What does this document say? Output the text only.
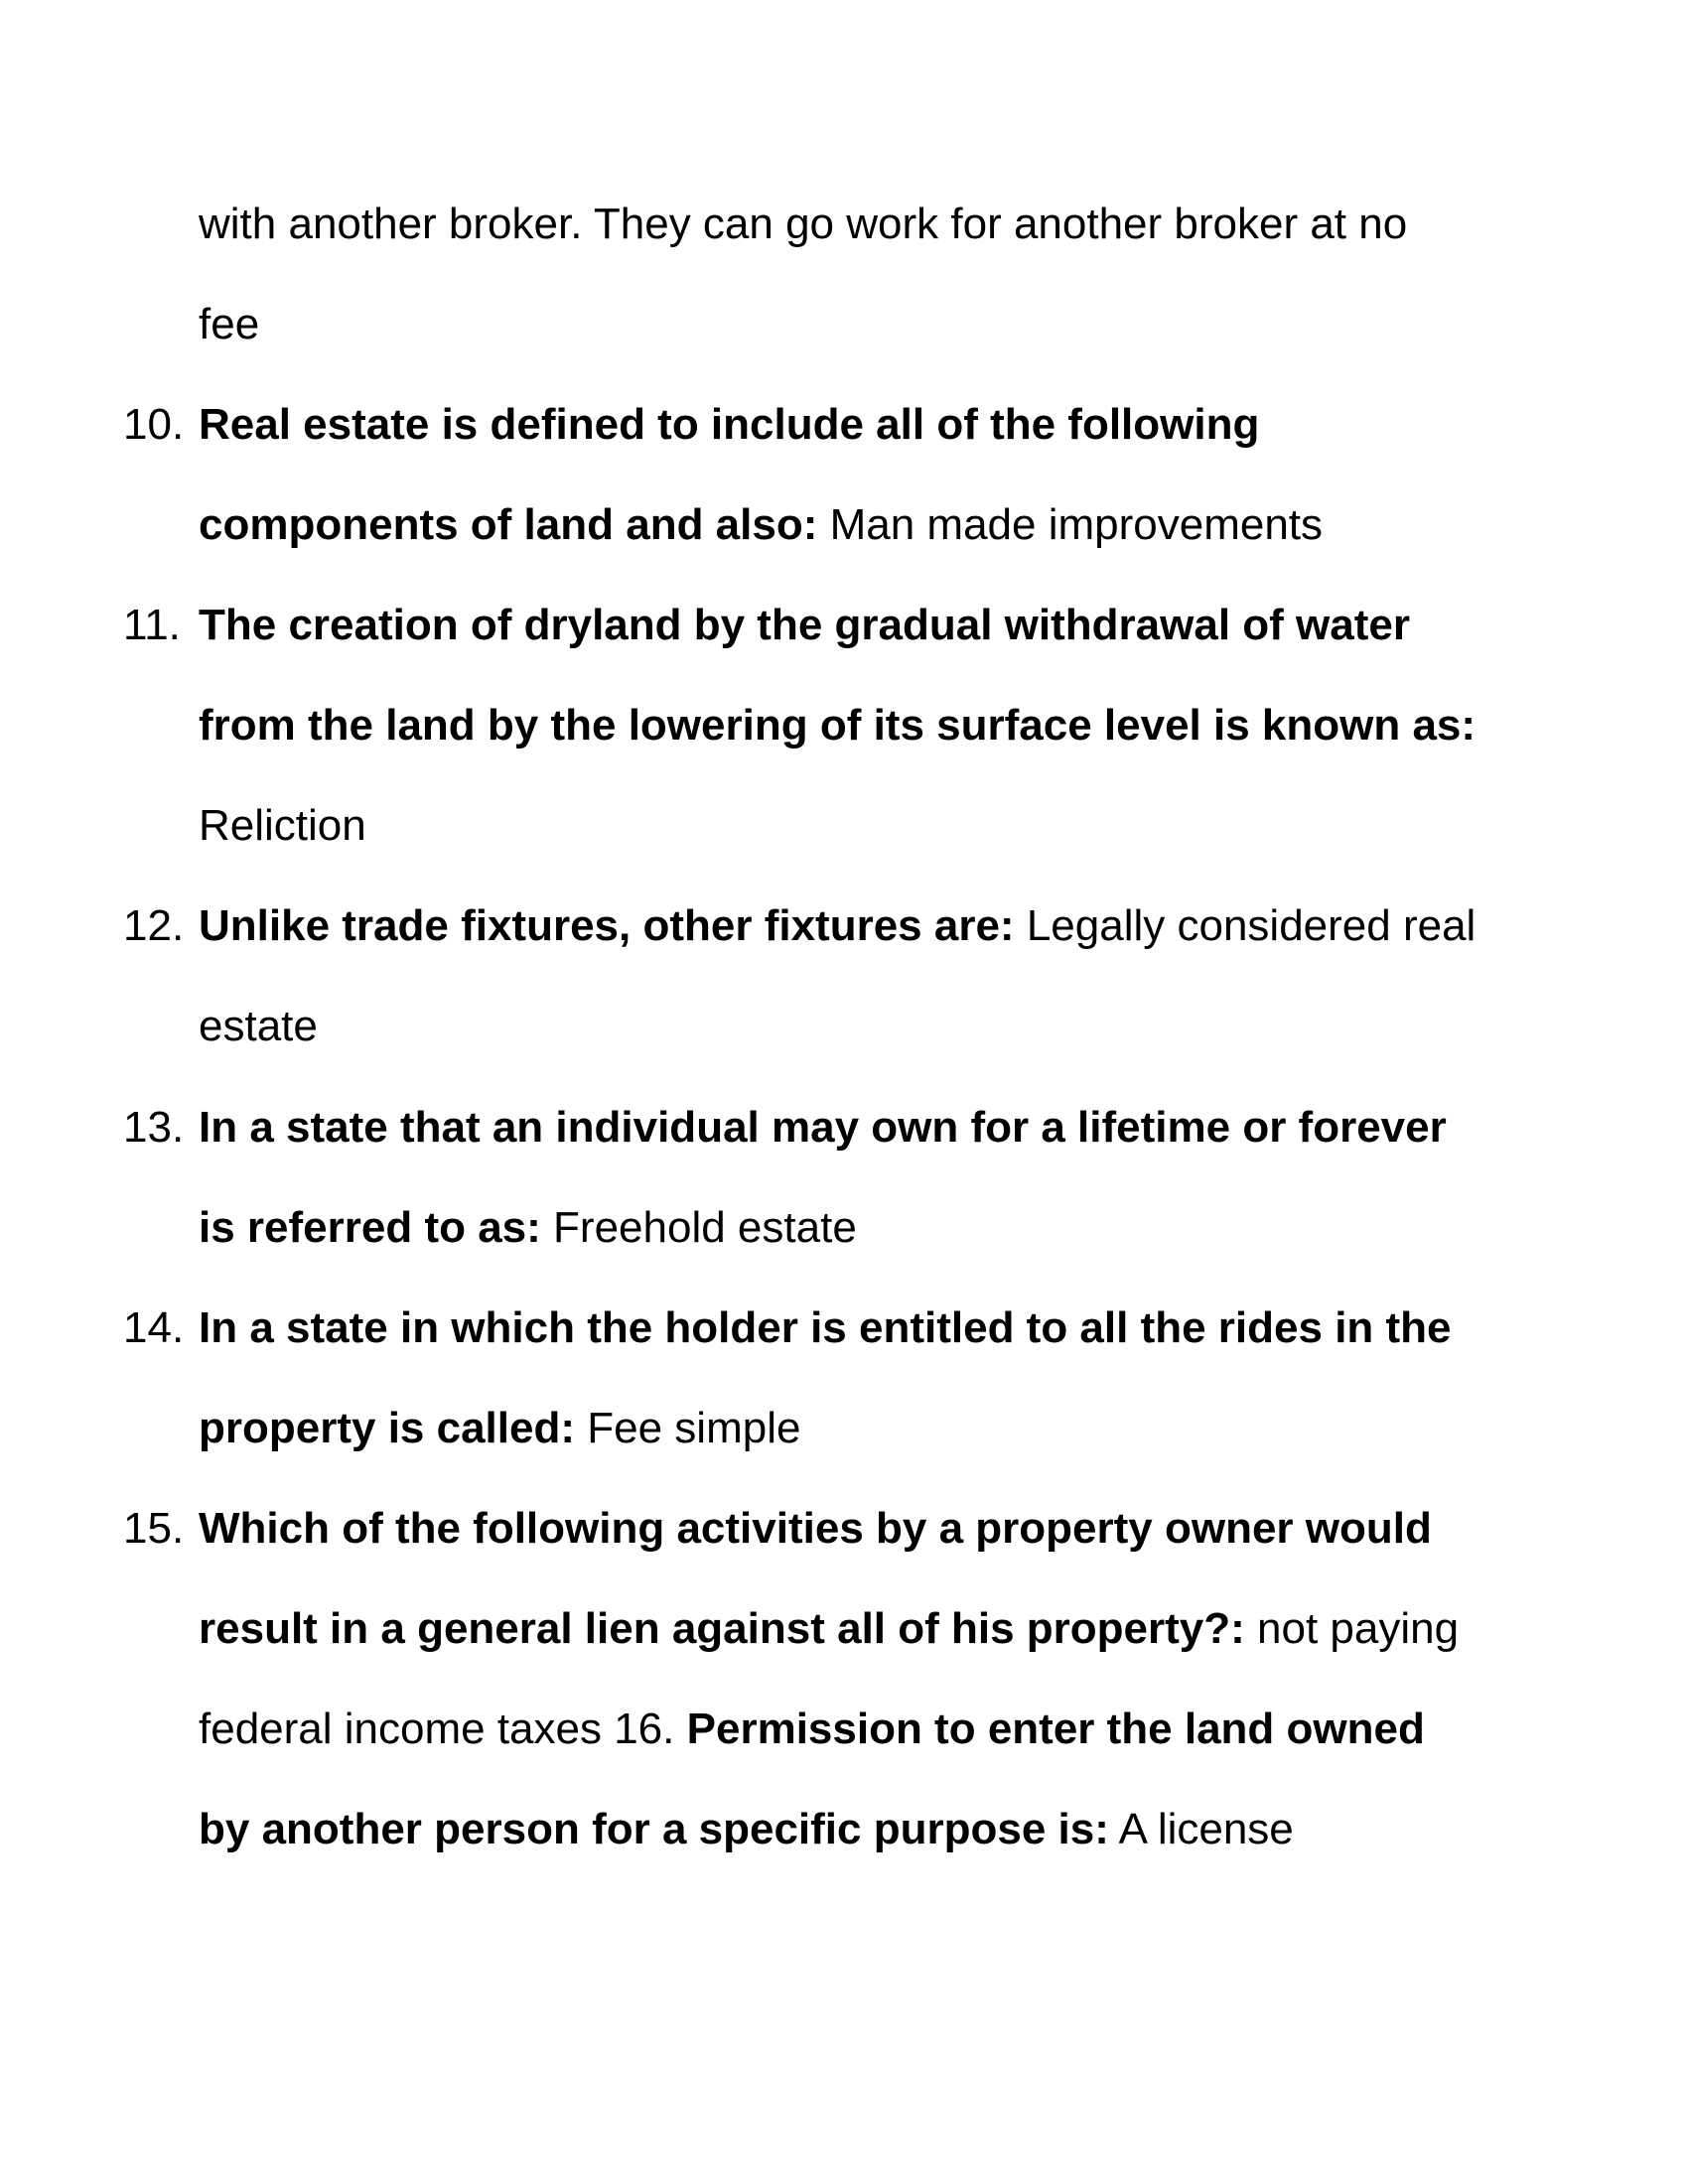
with another broker. They can go work for another broker at no
fee
10. Real estate is defined to include all of the following
components of land and also: Man made improvements
11. The creation of dryland by the gradual withdrawal of water
from the land by the lowering of its surface level is known as:
Reliction
12. Unlike trade fixtures, other fixtures are: Legally considered real
estate
13. In a state that an individual may own for a lifetime or forever
is referred to as: Freehold estate
14. In a state in which the holder is entitled to all the rides in the
property is called: Fee simple
15. Which of the following activities by a property owner would
result in a general lien against all of his property?: not paying
federal income taxes 16. Permission to enter the land owned
by another person for a specific purpose is: A license
